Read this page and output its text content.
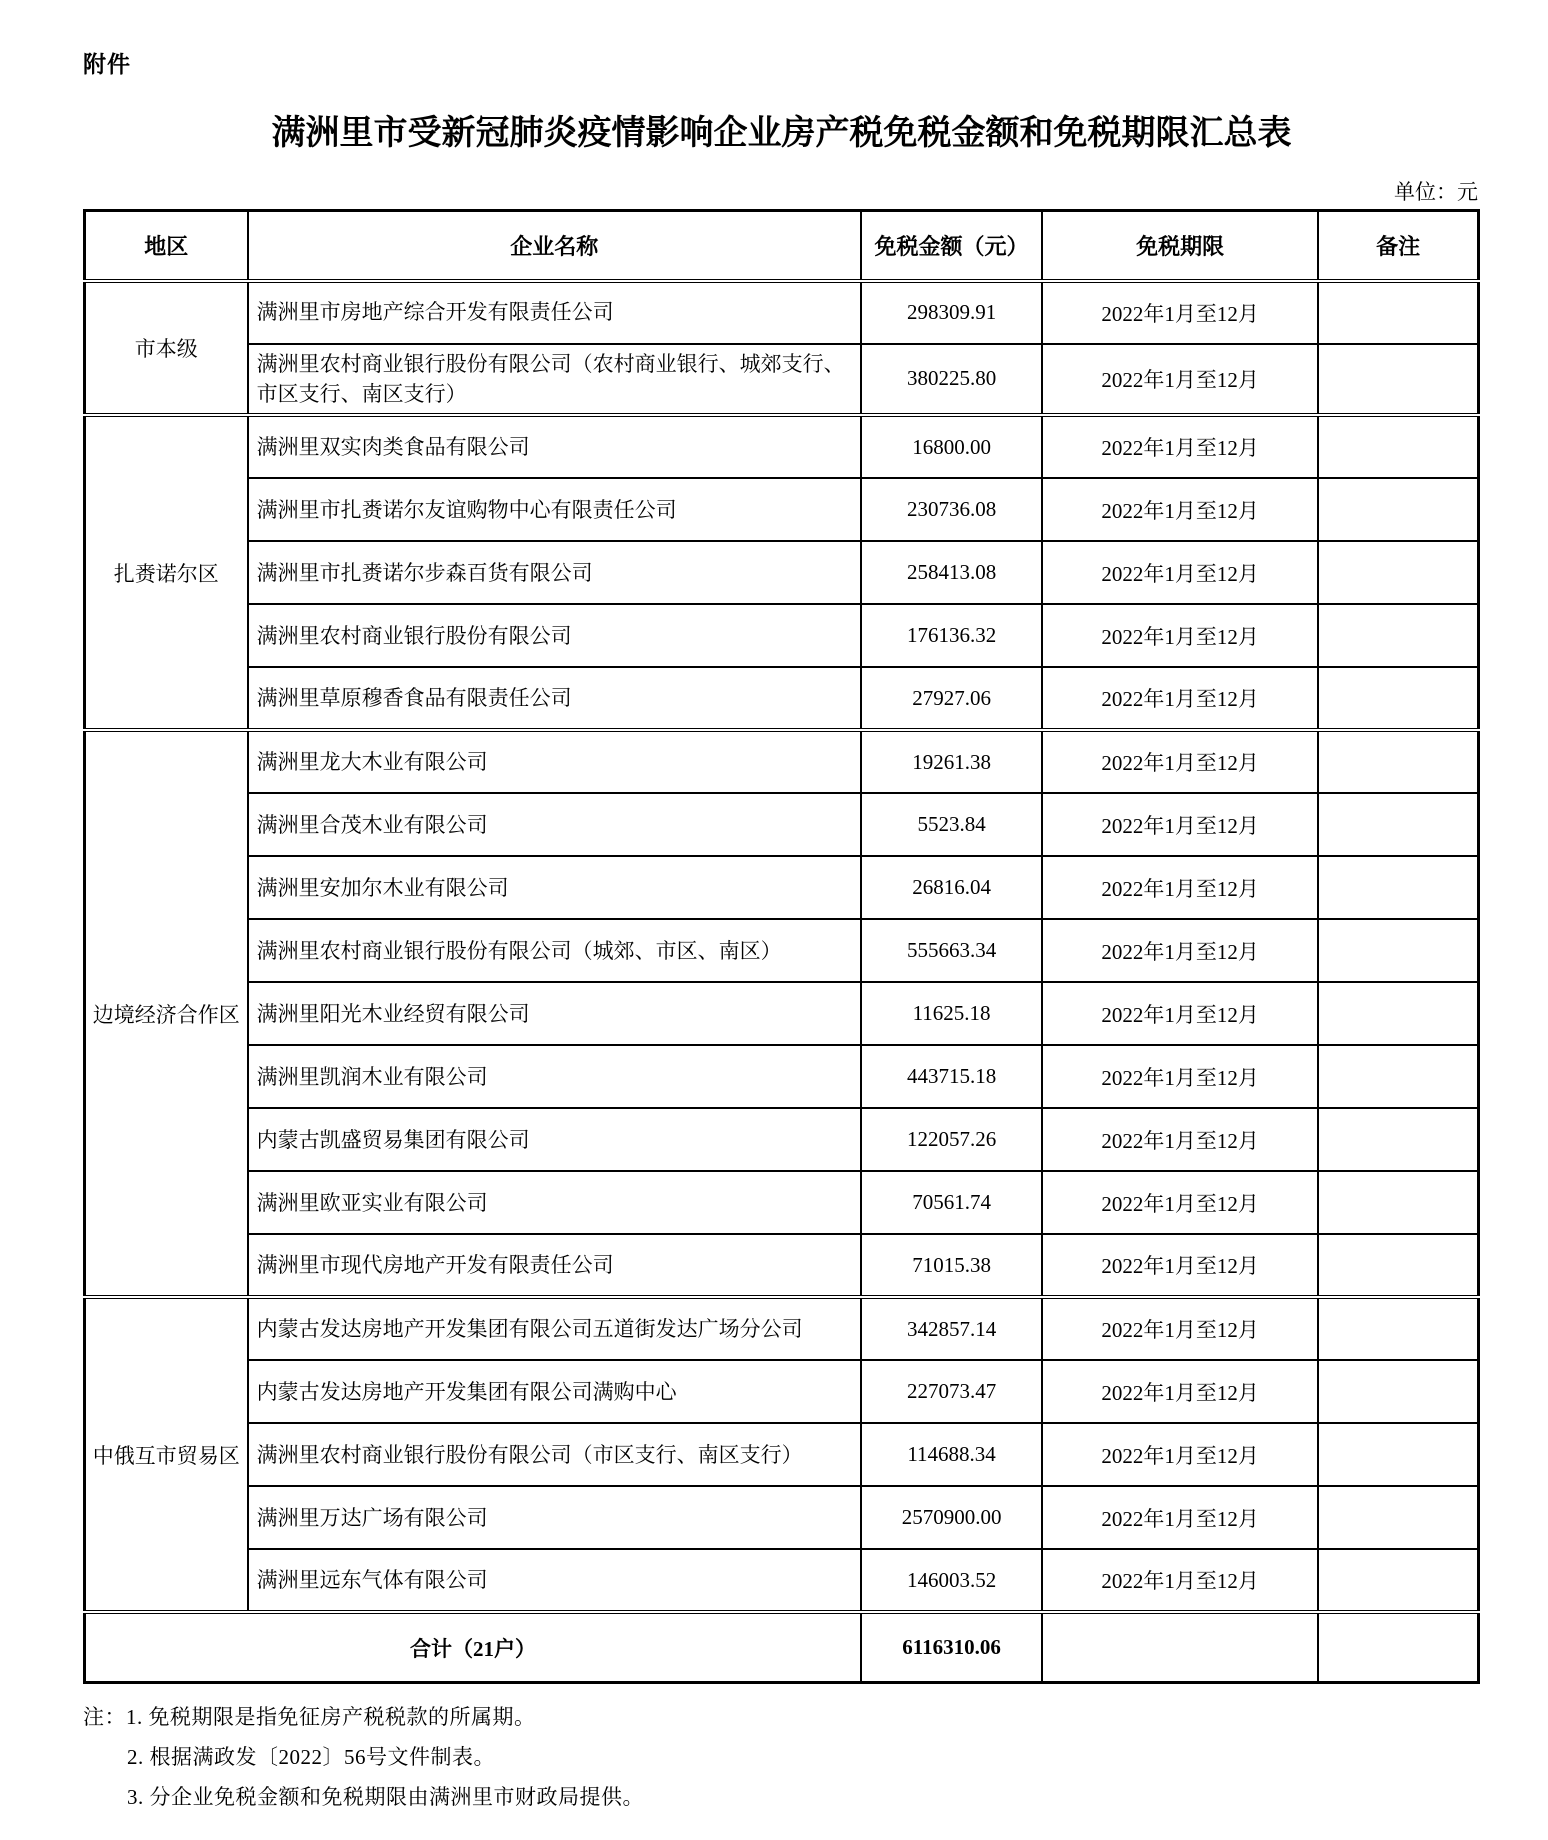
附件
满洲里市受新冠肺炎疫情影响企业房产税免税金额和免税期限汇总表
单位：元
地区	企业名称	免税金额（元）	免税期限	备注
市本级	满洲里市房地产综合开发有限责任公司	298309.91	2022年1月至12月	
	满洲里农村商业银行股份有限公司（农村商业银行、城郊支行、市区支行、南区支行）	380225.80	2022年1月至12月	
扎赉诺尔区	满洲里双实肉类食品有限公司	16800.00	2022年1月至12月	
	满洲里市扎赉诺尔友谊购物中心有限责任公司	230736.08	2022年1月至12月	
	满洲里市扎赉诺尔步森百货有限公司	258413.08	2022年1月至12月	
	满洲里农村商业银行股份有限公司	176136.32	2022年1月至12月	
	满洲里草原穆香食品有限责任公司	27927.06	2022年1月至12月	
边境经济合作区	满洲里龙大木业有限公司	19261.38	2022年1月至12月	
	满洲里合茂木业有限公司	5523.84	2022年1月至12月	
	满洲里安加尔木业有限公司	26816.04	2022年1月至12月	
	满洲里农村商业银行股份有限公司（城郊、市区、南区）	555663.34	2022年1月至12月	
	满洲里阳光木业经贸有限公司	11625.18	2022年1月至12月	
	满洲里凯润木业有限公司	443715.18	2022年1月至12月	
	内蒙古凯盛贸易集团有限公司	122057.26	2022年1月至12月	
	满洲里欧亚实业有限公司	70561.74	2022年1月至12月	
	满洲里市现代房地产开发有限责任公司	71015.38	2022年1月至12月	
中俄互市贸易区	内蒙古发达房地产开发集团有限公司五道街发达广场分公司	342857.14	2022年1月至12月	
	内蒙古发达房地产开发集团有限公司满购中心	227073.47	2022年1月至12月	
	满洲里农村商业银行股份有限公司（市区支行、南区支行）	114688.34	2022年1月至12月	
	满洲里万达广场有限公司	2570900.00	2022年1月至12月	
	满洲里远东气体有限公司	146003.52	2022年1月至12月	
合计（21户）		6116310.06		
注：1. 免税期限是指免征房产税税款的所属期。
2. 根据满政发〔2022〕56号文件制表。
3. 分企业免税金额和免税期限由满洲里市财政局提供。
